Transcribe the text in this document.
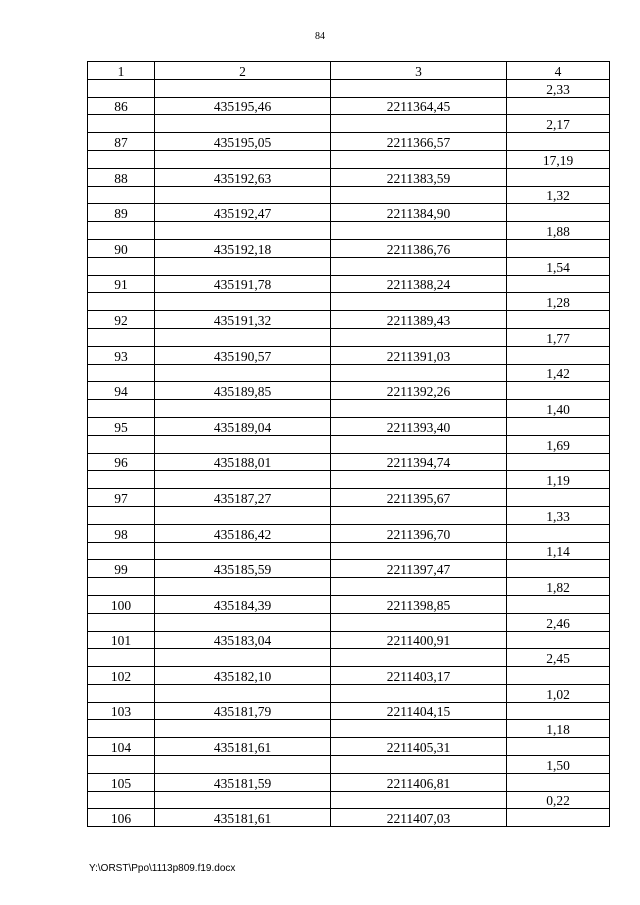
84
1	2	3	4
			2,33
86	435195,46	2211364,45	
			2,17
87	435195,05	2211366,57	
			17,19
88	435192,63	2211383,59	
			1,32
89	435192,47	2211384,90	
			1,88
90	435192,18	2211386,76	
			1,54
91	435191,78	2211388,24	
			1,28
92	435191,32	2211389,43	
			1,77
93	435190,57	2211391,03	
			1,42
94	435189,85	2211392,26	
			1,40
95	435189,04	2211393,40	
			1,69
96	435188,01	2211394,74	
			1,19
97	435187,27	2211395,67	
			1,33
98	435186,42	2211396,70	
			1,14
99	435185,59	2211397,47	
			1,82
100	435184,39	2211398,85	
			2,46
101	435183,04	2211400,91	
			2,45
102	435182,10	2211403,17	
			1,02
103	435181,79	2211404,15	
			1,18
104	435181,61	2211405,31	
			1,50
105	435181,59	2211406,81	
			0,22
106	435181,61	2211407,03	
Y:\ORST\Ppo\1113p809.f19.docx
